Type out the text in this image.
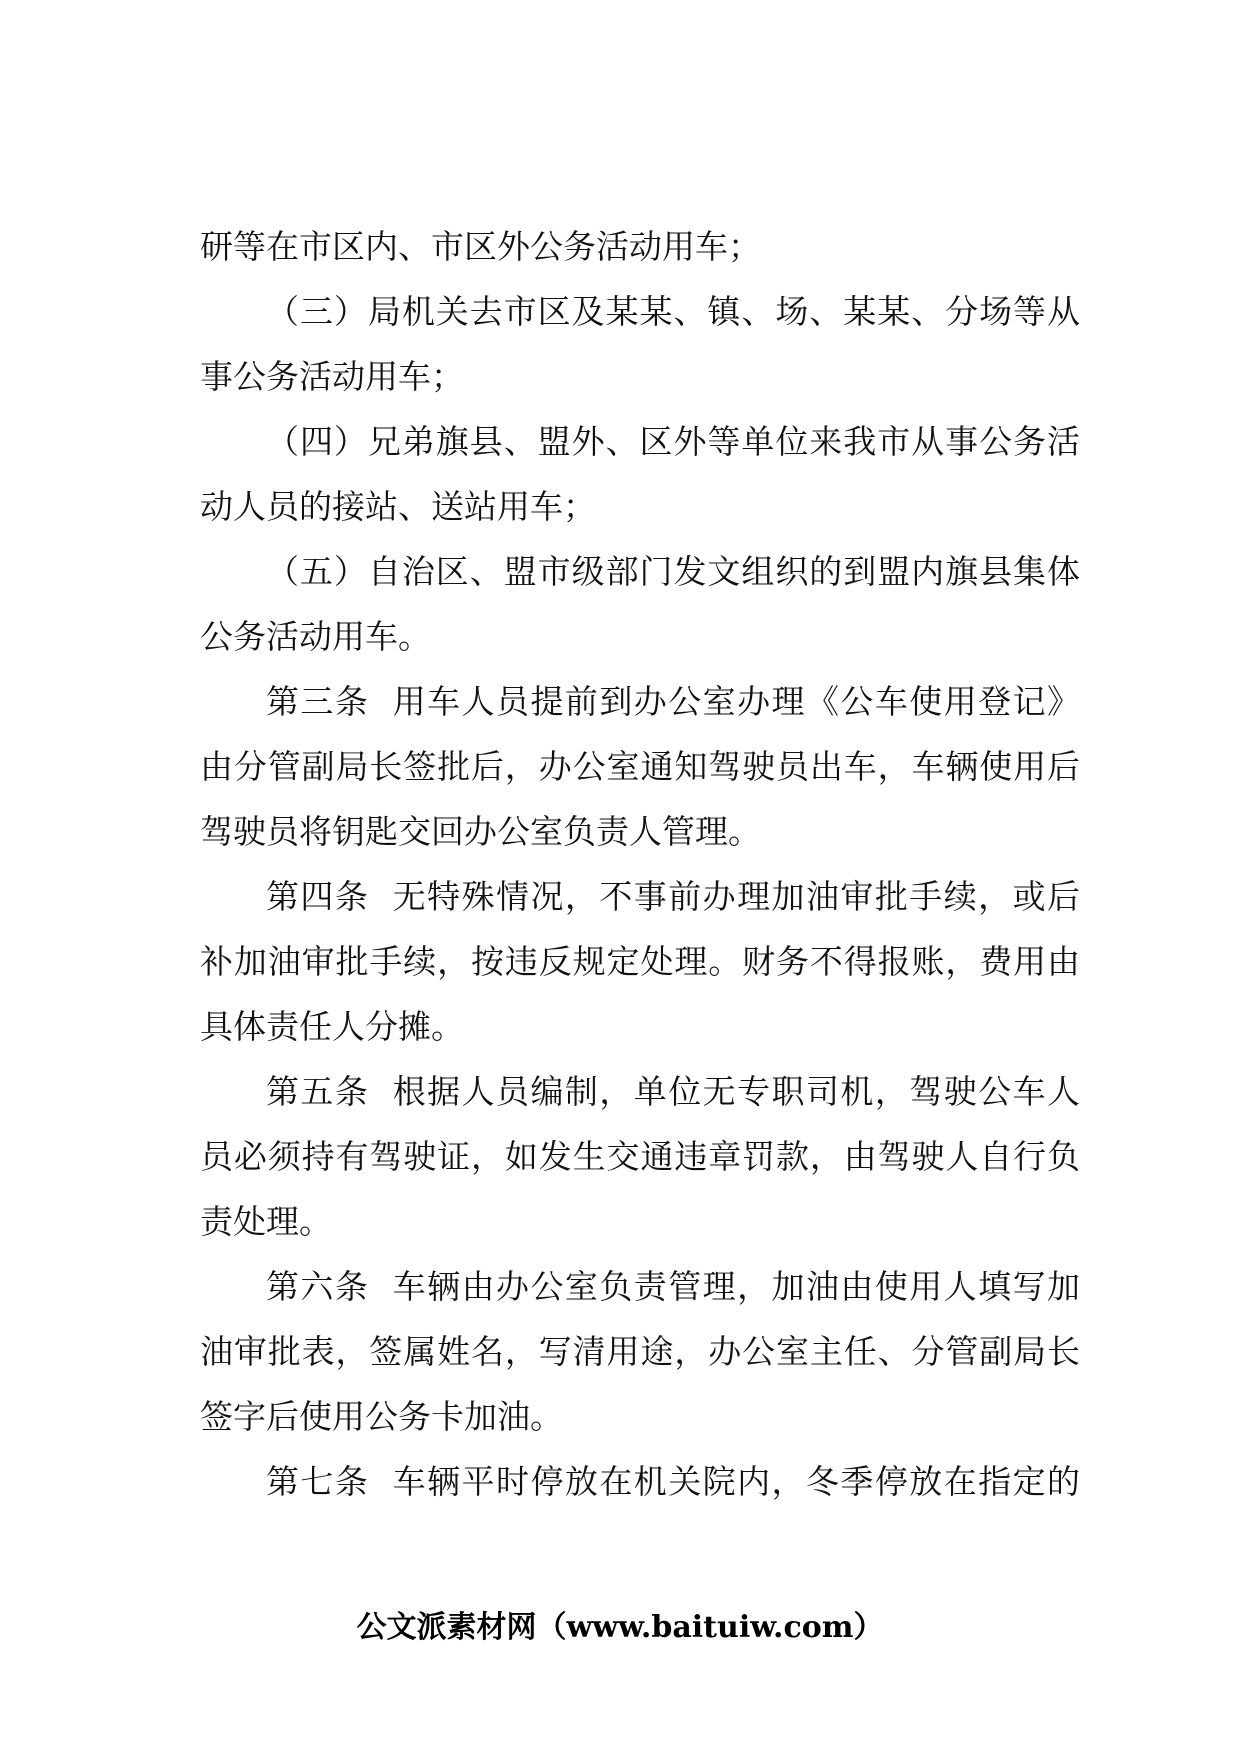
研等在市区内、市区外公务活动用车；
（三）局机关去市区及某某、镇、场、某某、分场等从
事公务活动用车；
（四）兄弟旗县、盟外、区外等单位来我市从事公务活
动人员的接站、送站用车；
（五）自治区、盟市级部门发文组织的到盟内旗县集体
公务活动用车。
第三条 用车人员提前到办公室办理《公车使用登记》
由分管副局长签批后，办公室通知驾驶员出车，车辆使用后
驾驶员将钥匙交回办公室负责人管理。
第四条 无特殊情况，不事前办理加油审批手续，或后
补加油审批手续，按违反规定处理。财务不得报账，费用由
具体责任人分摊。
第五条 根据人员编制，单位无专职司机，驾驶公车人
员必须持有驾驶证，如发生交通违章罚款，由驾驶人自行负
责处理。
第六条 车辆由办公室负责管理，加油由使用人填写加
油审批表，签属姓名，写清用途，办公室主任、分管副局长
签字后使用公务卡加油。
第七条 车辆平时停放在机关院内，冬季停放在指定的
公文派素材网（www.baituiw.com）
